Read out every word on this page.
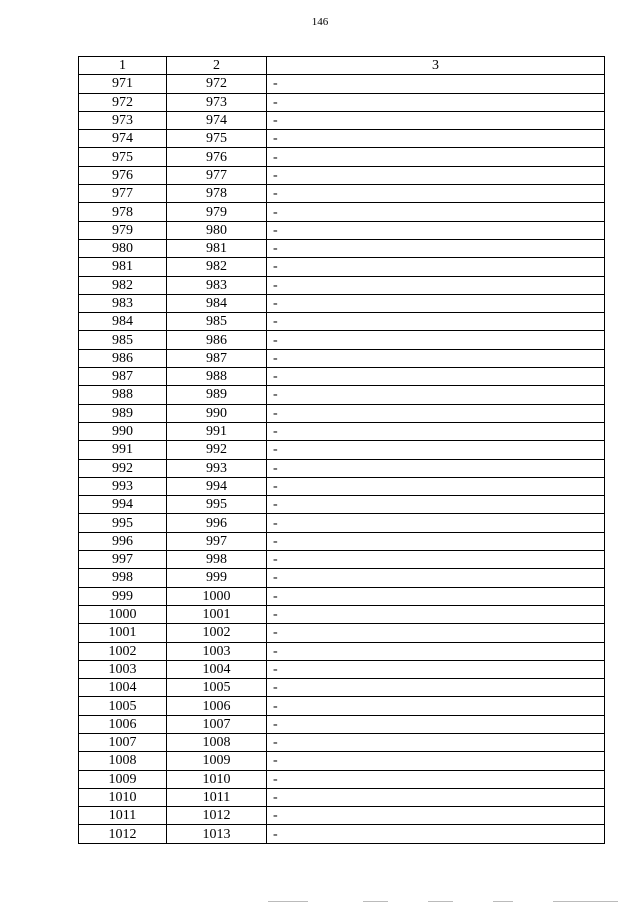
146
1	2	3
971	972	-
972	973	-
973	974	-
974	975	-
975	976	-
976	977	-
977	978	-
978	979	-
979	980	-
980	981	-
981	982	-
982	983	-
983	984	-
984	985	-
985	986	-
986	987	-
987	988	-
988	989	-
989	990	-
990	991	-
991	992	-
992	993	-
993	994	-
994	995	-
995	996	-
996	997	-
997	998	-
998	999	-
999	1000	-
1000	1001	-
1001	1002	-
1002	1003	-
1003	1004	-
1004	1005	-
1005	1006	-
1006	1007	-
1007	1008	-
1008	1009	-
1009	1010	-
1010	1011	-
1011	1012	-
1012	1013	-
